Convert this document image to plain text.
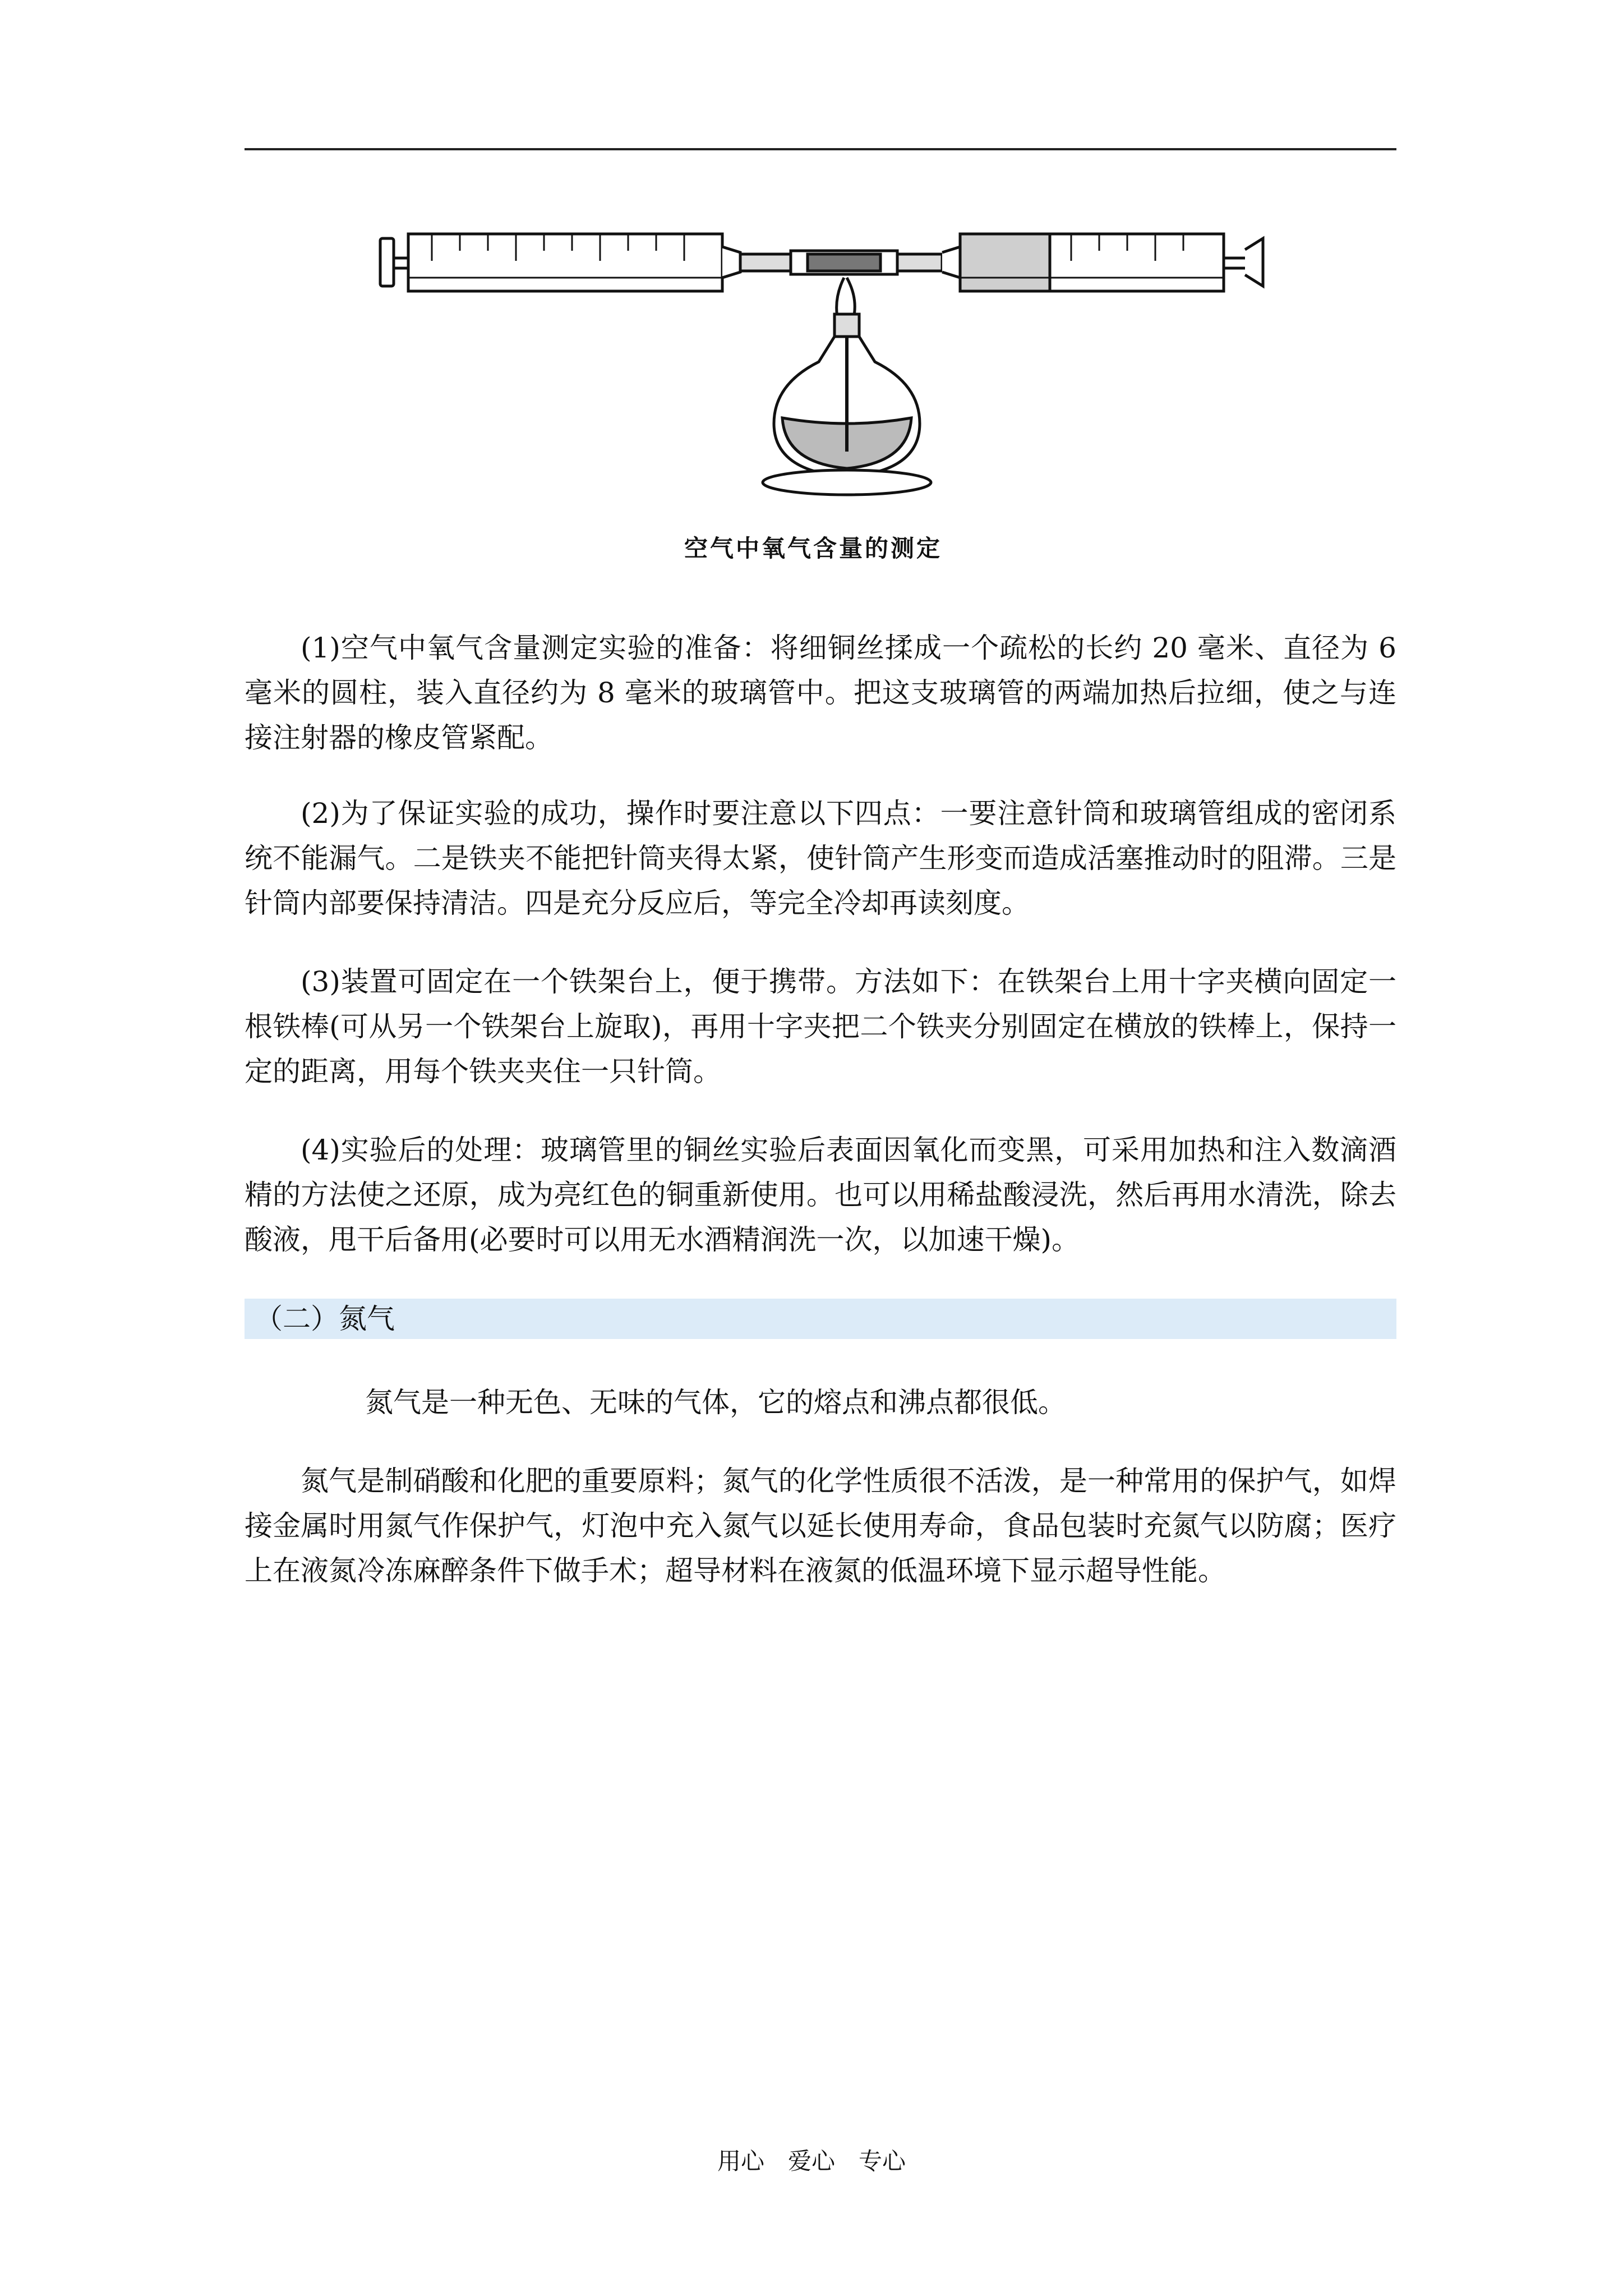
空气中氧气含量的测定

(1)空气中氧气含量测定实验的准备：将细铜丝揉成一个疏松的长约 20 毫米、直径为 6 毫米的圆柱，装入直径约为 8 毫米的玻璃管中。把这支玻璃管的两端加热后拉细，使之与连接注射器的橡皮管紧配。

(2)为了保证实验的成功，操作时要注意以下四点：一要注意针筒和玻璃管组成的密闭系统不能漏气。二是铁夹不能把针筒夹得太紧，使针筒产生形变而造成活塞推动时的阻滞。三是针筒内部要保持清洁。四是充分反应后，等完全冷却再读刻度。

(3)装置可固定在一个铁架台上，便于携带。方法如下：在铁架台上用十字夹横向固定一根铁棒(可从另一个铁架台上旋取)，再用十字夹把二个铁夹分别固定在横放的铁棒上，保持一定的距离，用每个铁夹夹住一只针筒。

(4)实验后的处理：玻璃管里的铜丝实验后表面因氧化而变黑，可采用加热和注入数滴酒精的方法使之还原，成为亮红色的铜重新使用。也可以用稀盐酸浸洗，然后再用水清洗，除去酸液，甩干后备用(必要时可以用无水酒精润洗一次，以加速干燥)。

（二）氮气

氮气是一种无色、无味的气体，它的熔点和沸点都很低。

氮气是制硝酸和化肥的重要原料；氮气的化学性质很不活泼，是一种常用的保护气，如焊接金属时用氮气作保护气，灯泡中充入氮气以延长使用寿命，食品包装时充氮气以防腐；医疗上在液氮冷冻麻醉条件下做手术；超导材料在液氮的低温环境下显示超导性能。

用心　爱心　专心
